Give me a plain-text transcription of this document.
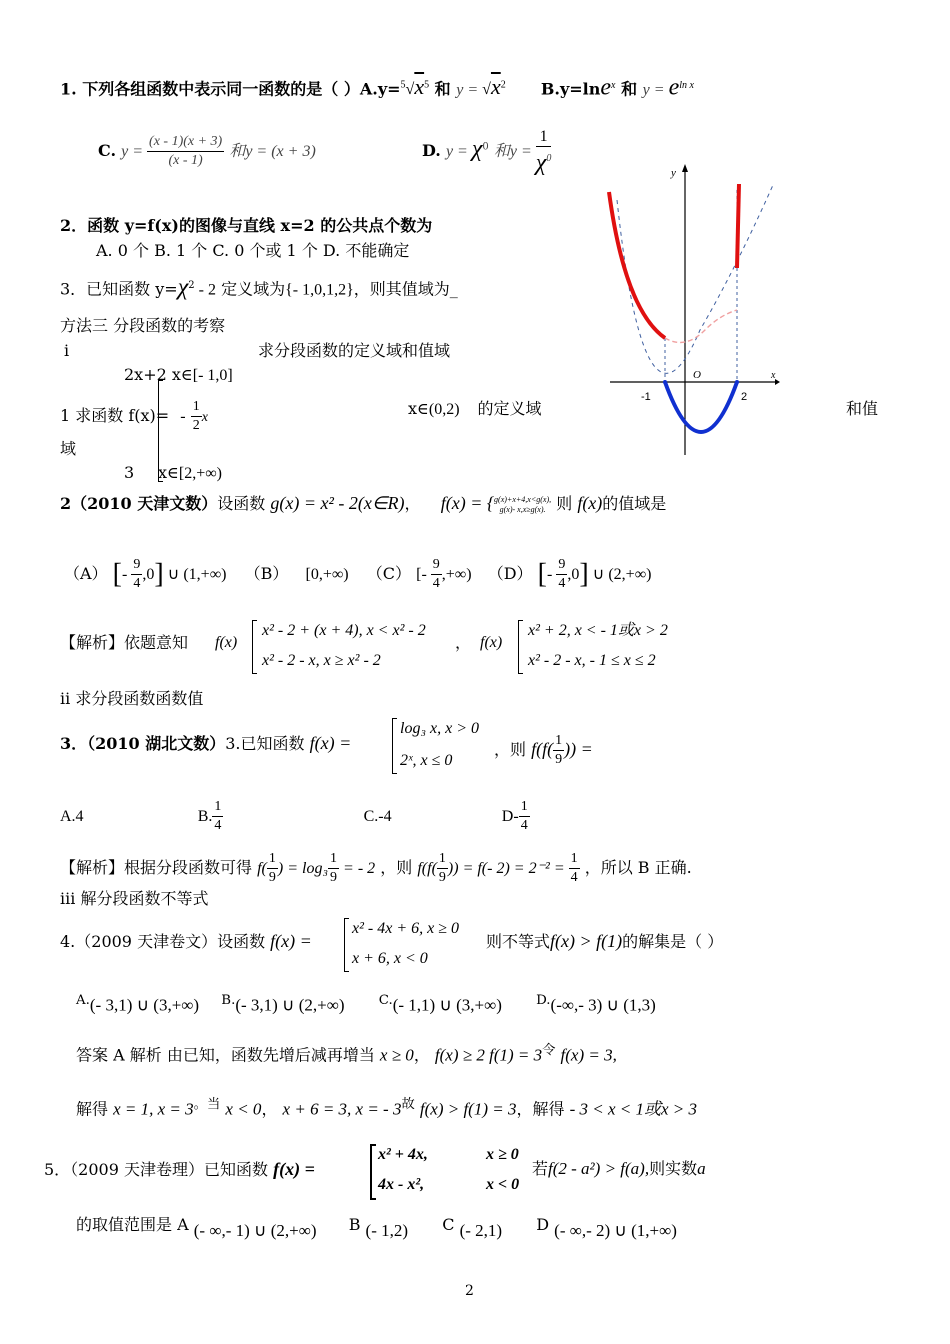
1. 下列各组函数中表示同一函数的是（ ）$A.y=^5√x^5$ 和 $y = √x^2$ B.y=lne$^x$ 和 $y = e^{ln x}$
C. $y = \frac{(x - 1)(x + 3)}{(x - 1)}$ 和y = (x + 3)	D. $y = \chi^0$ 和$y = \frac{1}{\chi^0}$
2．函数 y=f(x)的图像与直线 x=2 的公共点个数为
A. 0 个 B. 1 个 C. 0 个或 1 个 D. 不能确定
3．已知函数 $y=\chi^2 - 2$ 定义域为{- 1,0,1,2}，则其值域为_
方法三 分段函数的考察
i	求分段函数的定义域和值域
2x+2 x∈[- 1,0]
1 求函数 $f(x)= - \frac{1}{2}$ x	x∈(0,2) 的定义域	和值
域
3 x∈[2,+∞)
y
x
O
-1	2
2（2010 天津文数）设函数 g(x) = x² - 2(x∈R)， f(x) = { g(x)+x+4,x<g(x),
g(x)- x,x≥g(x). 则 f(x)的值域是
（A） [- $\frac{9}{4} ,0$] ∪ (1,+∞) （B） [0,+∞) （C） [- $\frac{9}{4}$ ,+∞) （D） [- $\frac{9}{4} ,0$] ∪ (2,+∞)
【解析】依题意知 f(x)
x² - 2 + (x + 4), x < x² - 2
x² - 2 - x, x ≥ x² - 2
， f(x)
x² + 2, x < - 1或x > 2
x² - 2 - x, - 1 ≤ x ≤ 2
ii 求分段函数函数值
3．（2010 湖北文数）3.已知函数 f(x) =
log₃ x, x > 0
2ˣ, x ≤ 0
，则 $f(f( \frac{1}{9}$ )) =
A.4	B. $\frac{1}{4}$	C.-4	$D- \frac{1}{4}$
【解析】根据分段函数可得 $f( \frac{1}{9}$ ) = $\log_3 \frac{1}{9}$ = - 2 ，则 $f(f( \frac{1}{9}$ )) = f(- $2) = 2^{-2} = \frac{1}{4}$ ，所以 B 正确.
iii 解分段函数不等式
4.（2009 天津卷文）设函数 f(x) =
x² - 4x + 6, x ≥ 0
x + 6, x < 0
则不等式f(x) > f(1)的解集是（ ）
$^{A.}$(- 3,1) ∪ (3,+∞) $^{B.}$(- 3,1) ∪ (2,+∞)	$^{C.}$(- 1,1) ∪ (3,+∞)	$^{D.}$(-∞,- 3) ∪ (1,3)
答案 A 解析 由已知，函数先增后减再增当 x ≥ 0， f(x) ≥ 2 $f(1) = 3^令$ f(x) = 3,
解得 x = 1, $x = 3^{。当}$ x < 0， x + 6 = 3, x = - $3^故$ f(x) > f(1) = 3，解得 - 3 < x < 1或x > 3
5．（2009 天津卷理）已知函数 f(x) =
x² + 4x,	x ≥ 0
4x - x²,	x < 0
若f(2 - a²) > f(a),则实数a
的取值范围是 A (- ∞,- 1) ∪ (2,+∞) B (- 1,2) C (- 2,1) D (- ∞,- 2) ∪ (1,+∞)
2
